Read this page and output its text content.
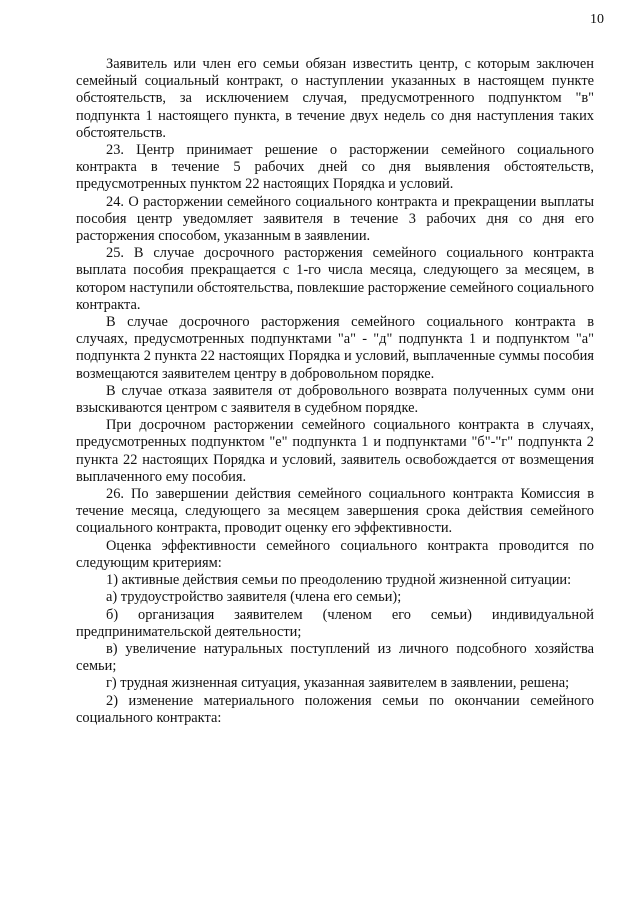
10

Заявитель или член его семьи обязан известить центр, с которым заключен семейный социальный контракт, о наступлении указанных в настоящем пункте обстоятельств, за исключением случая, предусмотренного подпунктом "в" подпункта 1 настоящего пункта, в течение двух недель со дня наступления таких обстоятельств.

23. Центр принимает решение о расторжении семейного социального контракта в течение 5 рабочих дней со дня выявления обстоятельств, предусмотренных пунктом 22 настоящих Порядка и условий.

24. О расторжении семейного социального контракта и прекращении выплаты пособия центр уведомляет заявителя в течение 3 рабочих дня со дня его расторжения способом, указанным в заявлении.

25. В случае досрочного расторжения семейного социального контракта выплата пособия прекращается с 1-го числа месяца, следующего за месяцем, в котором наступили обстоятельства, повлекшие расторжение семейного социального контракта.

В случае досрочного расторжения семейного социального контракта в случаях, предусмотренных подпунктами "а" - "д" подпункта 1 и подпунктом "а" подпункта 2 пункта 22 настоящих Порядка и условий, выплаченные суммы пособия возмещаются заявителем центру в добровольном порядке.

В случае отказа заявителя от добровольного возврата полученных сумм они взыскиваются центром с заявителя в судебном порядке.

При досрочном расторжении семейного социального контракта в случаях, предусмотренных подпунктом "е" подпункта 1 и подпунктами "б"-"г" подпункта 2 пункта 22 настоящих Порядка и условий, заявитель освобождается от возмещения выплаченного ему пособия.

26. По завершении действия семейного социального контракта Комиссия в течение месяца, следующего за месяцем завершения срока действия семейного социального контракта, проводит оценку его эффективности.

Оценка эффективности семейного социального контракта проводится по следующим критериям:

1) активные действия семьи по преодолению трудной жизненной ситуации:

а) трудоустройство заявителя (члена его семьи);

б) организация заявителем (членом его семьи) индивидуальной предпринимательской деятельности;

в) увеличение натуральных поступлений из личного подсобного хозяйства семьи;

г) трудная жизненная ситуация, указанная заявителем в заявлении, решена;

2) изменение материального положения семьи по окончании семейного социального контракта:
